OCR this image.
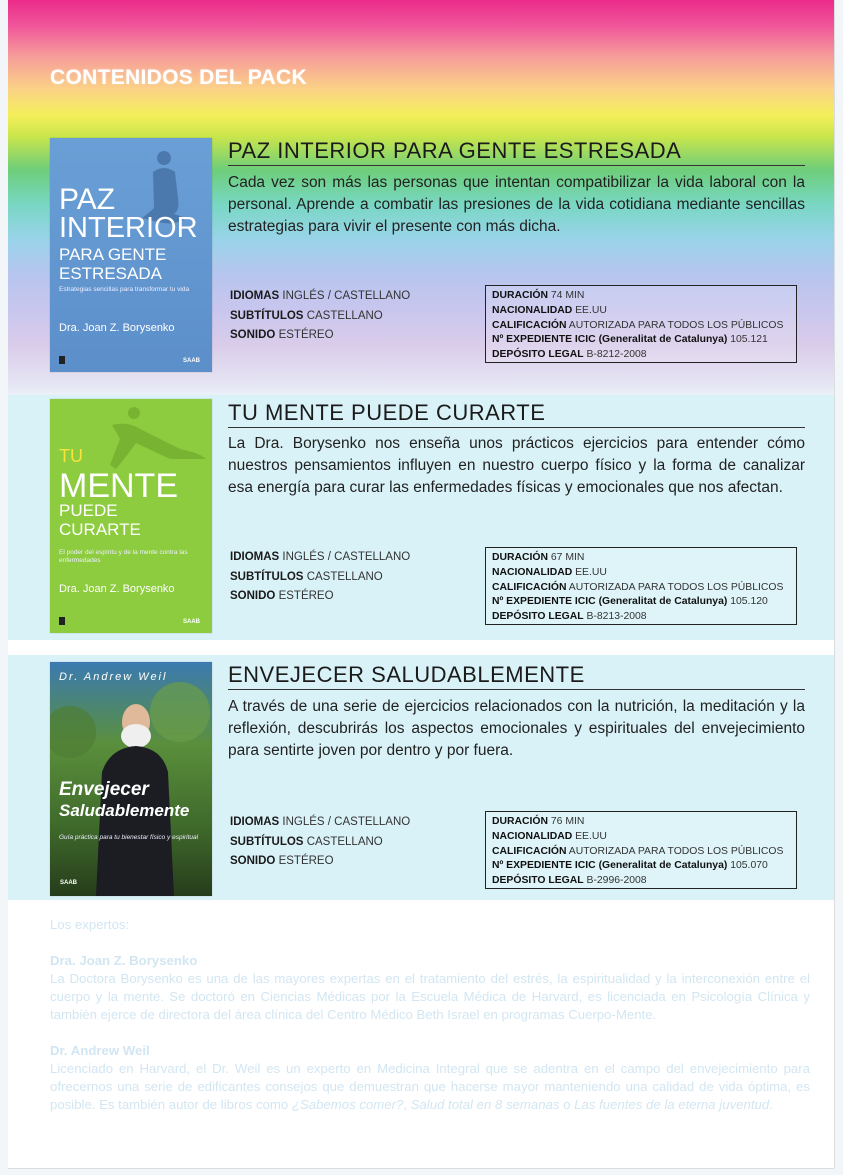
CONTENIDOS DEL PACK
PAZ
INTERIOR
PARA GENTE
ESTRESADA
Estrategias sencillas para transformar tu vida
Dra. Joan Z. Borysenko
SAAB
PAZ INTERIOR PARA GENTE ESTRESADA
Cada vez son más las personas que intentan compatibilizar la vida laboral con la personal. Aprende a combatir las presiones de la vida cotidiana mediante sencillas estrategias para vivir el presente con más dicha.
IDIOMAS INGLÉS / CASTELLANO
SUBTÍTULOS CASTELLANO
SONIDO ESTÉREO
DURACIÓN 74 MIN
NACIONALIDAD EE.UU
CALIFICACIÓN AUTORIZADA PARA TODOS LOS PÚBLICOS
Nº EXPEDIENTE ICIC (Generalitat de Catalunya) 105.121
DEPÓSITO LEGAL B-8212-2008
TU
MENTE
PUEDE
CURARTE
El poder del espíritu y de la mente contra las enfermedades
Dra. Joan Z. Borysenko
SAAB
TU MENTE PUEDE CURARTE
La Dra. Borysenko nos enseña unos prácticos ejercicios para entender cómo nuestros pensamientos influyen en nuestro cuerpo físico y la forma de canalizar esa energía para curar las enfermedades físicas y emocionales que nos afectan.
IDIOMAS INGLÉS / CASTELLANO
SUBTÍTULOS CASTELLANO
SONIDO ESTÉREO
DURACIÓN 67 MIN
NACIONALIDAD EE.UU
CALIFICACIÓN AUTORIZADA PARA TODOS LOS PÚBLICOS
Nº EXPEDIENTE ICIC (Generalitat de Catalunya) 105.120
DEPÓSITO LEGAL B-8213-2008
Dr. Andrew Weil
Envejecer
Saludablemente
Guía práctica para tu bienestar físico y espiritual
SAAB
ENVEJECER SALUDABLEMENTE
A través de una serie de ejercicios relacionados con la nutrición, la meditación y la reflexión, descubrirás los aspectos emocionales y espirituales del envejecimiento para sentirte joven por dentro y por fuera.
IDIOMAS INGLÉS / CASTELLANO
SUBTÍTULOS CASTELLANO
SONIDO ESTÉREO
DURACIÓN 76 MIN
NACIONALIDAD EE.UU
CALIFICACIÓN AUTORIZADA PARA TODOS LOS PÚBLICOS
Nº EXPEDIENTE ICIC (Generalitat de Catalunya) 105.070
DEPÓSITO LEGAL B-2996-2008

Los expertos:

Dra. Joan Z. Borysenko

La Doctora Borysenko es una de las mayores expertas en el tratamiento del estrés, la espiritualidad y la interconexión entre el cuerpo y la mente. Se doctoró en Ciencias Médicas por la Escuela Médica de Harvard, es licenciada en Psicología Clínica y también ejerce de directora del área clínica del Centro Médico Beth Israel en programas Cuerpo-Mente.

Dr. Andrew Weil

Licenciado en Harvard, el Dr. Weil es un experto en Medicina Integral que se adentra en el campo del envejecimiento para ofrecernos una serie de edificantes consejos que demuestran que hacerse mayor manteniendo una calidad de vida óptima, es posible. Es también autor de libros como ¿Sabemos comer?, Salud total en 8 semanas o Las fuentes de la eterna juventud.
